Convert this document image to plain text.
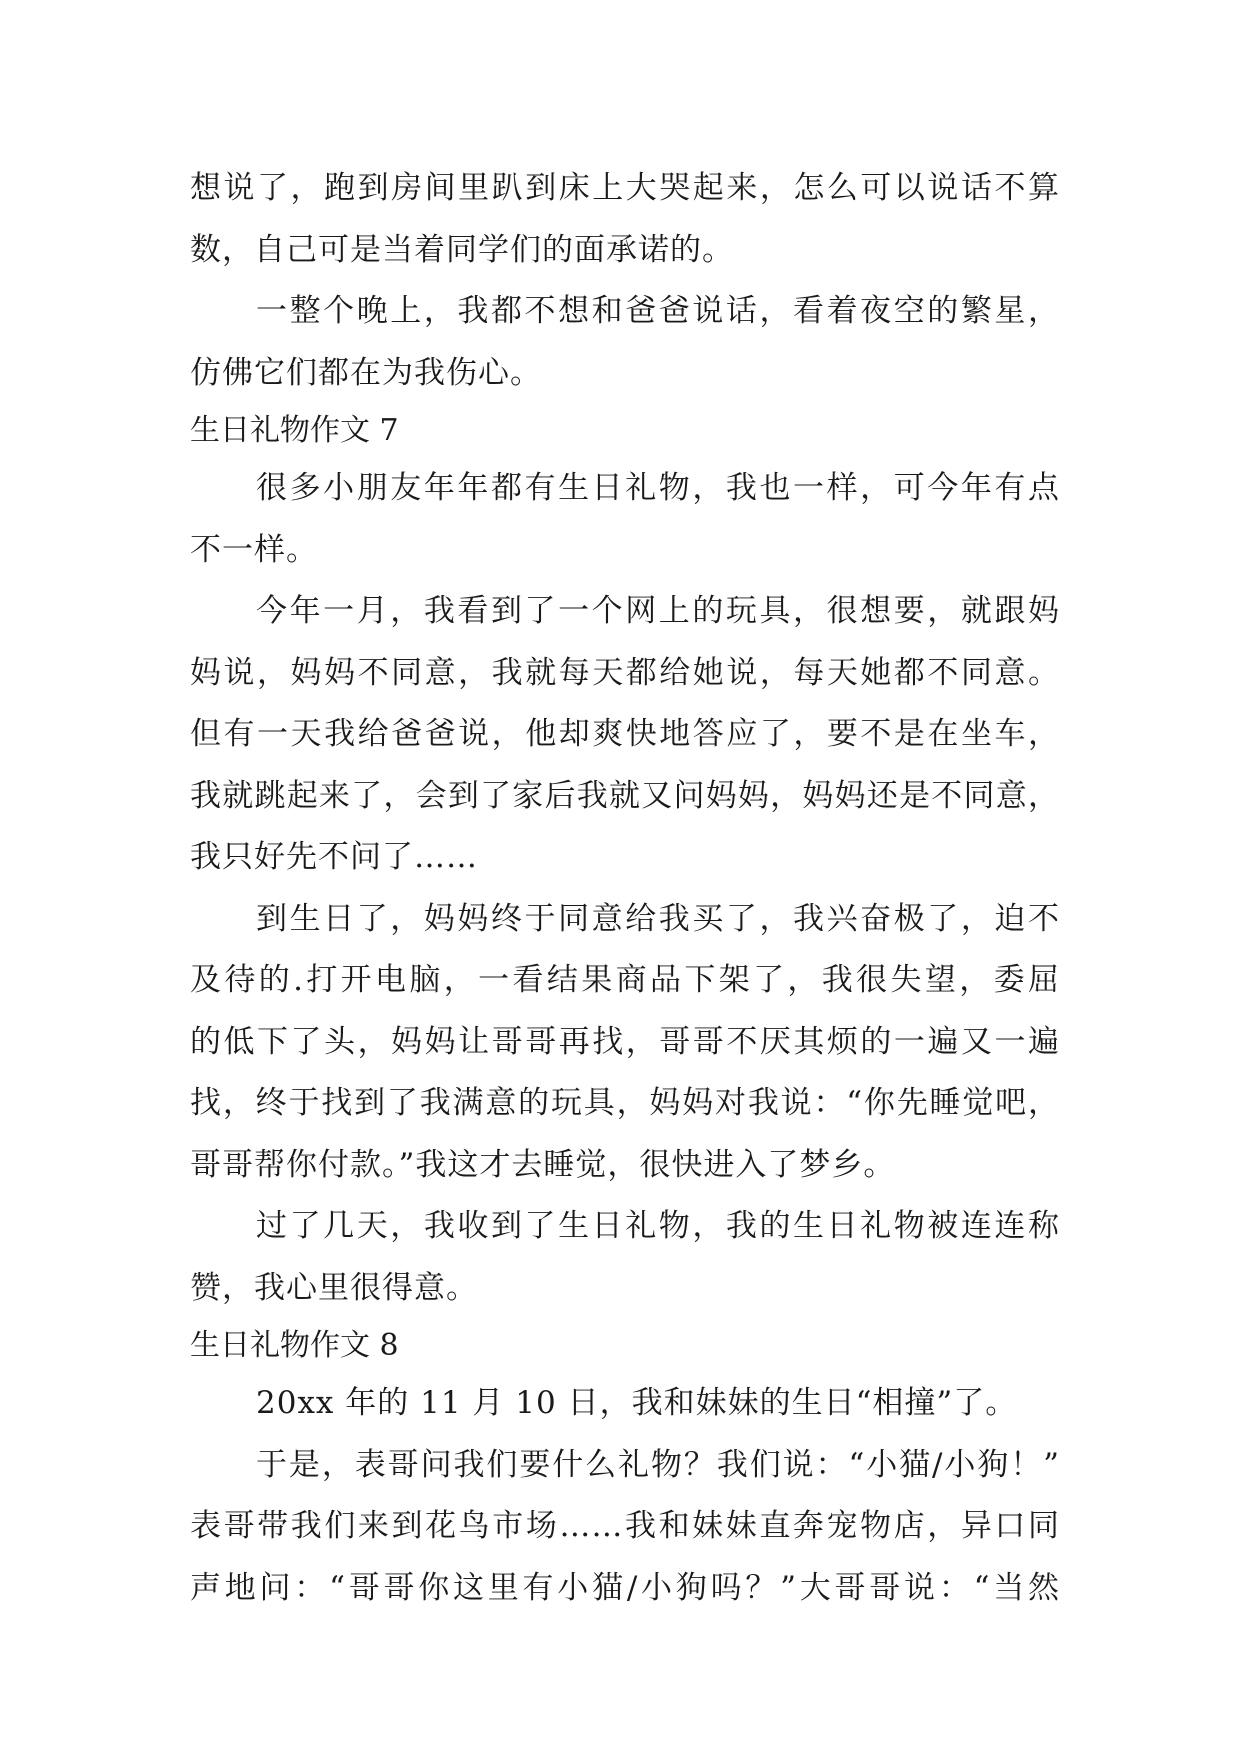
想说了，跑到房间里趴到床上大哭起来，怎么可以说话不算
数，自己可是当着同学们的面承诺的。
一整个晚上，我都不想和爸爸说话，看着夜空的繁星，
仿佛它们都在为我伤心。
生日礼物作文 7
很多小朋友年年都有生日礼物，我也一样，可今年有点
不一样。
今年一月，我看到了一个网上的玩具，很想要，就跟妈
妈说，妈妈不同意，我就每天都给她说，每天她都不同意。
但有一天我给爸爸说，他却爽快地答应了，要不是在坐车，
我就跳起来了，会到了家后我就又问妈妈，妈妈还是不同意，
我只好先不问了……
到生日了，妈妈终于同意给我买了，我兴奋极了，迫不
及待的.打开电脑，一看结果商品下架了，我很失望，委屈
的低下了头，妈妈让哥哥再找，哥哥不厌其烦的一遍又一遍
找，终于找到了我满意的玩具，妈妈对我说：“你先睡觉吧，
哥哥帮你付款。”我这才去睡觉，很快进入了梦乡。
过了几天，我收到了生日礼物，我的生日礼物被连连称
赞，我心里很得意。
生日礼物作文 8
20xx 年的 11 月 10 日，我和妹妹的生日“相撞”了。
于是，表哥问我们要什么礼物？我们说：“小猫/小狗！”
表哥带我们来到花鸟市场……我和妹妹直奔宠物店，异口同
声地问：“哥哥你这里有小猫/小狗吗？”大哥哥说：“当然
